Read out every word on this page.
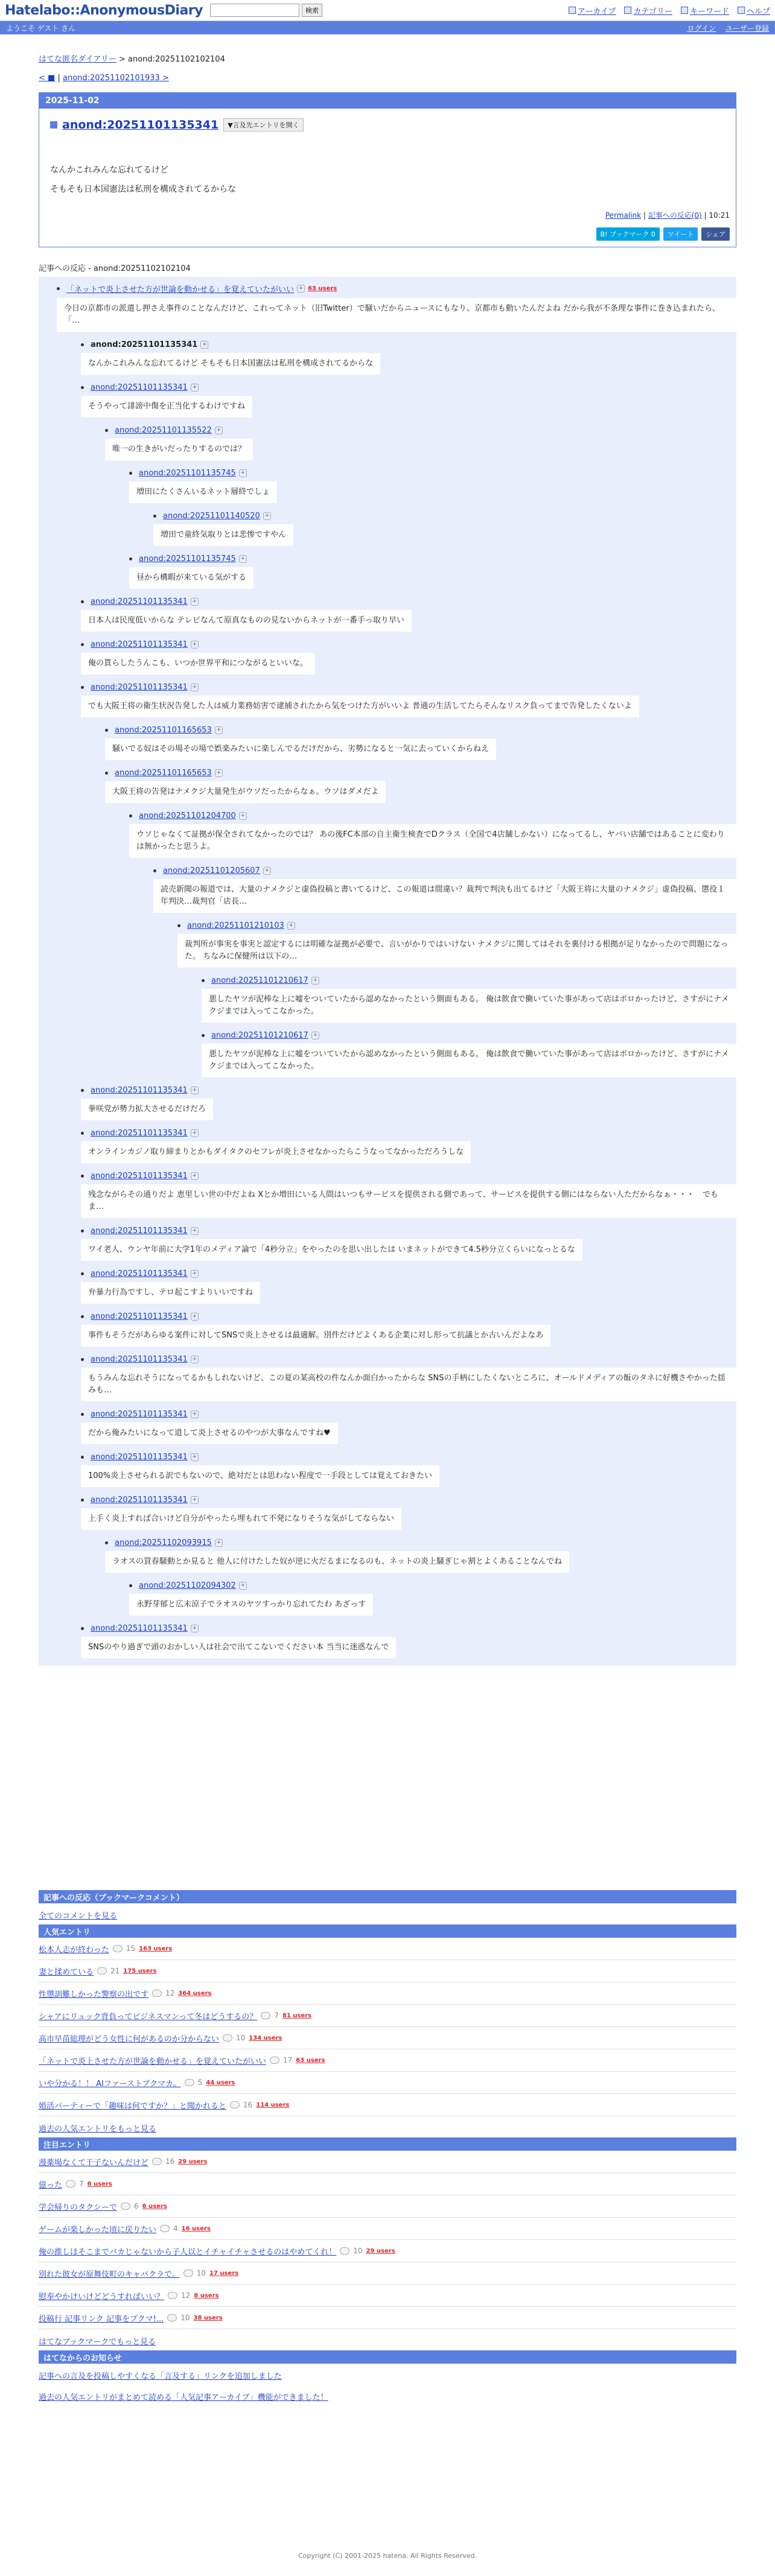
Hatelabo::AnonymousDiary	検索	アーカイブ カテゴリー キーワード ヘルプ
ようこそ ゲスト さん	ログイン ユーザー登録
はてな匿名ダイアリー > anond:20251102102104
< ■ | anond:20251102101933 >
2025-11-02
anond:20251101135341	▼言及先エントリを開く
なんかこれみんな忘れてるけど
そもそも日本国憲法は私刑を構成されてるからな
Permalink | 記事への反応(0) | 10:21
B! ブックマーク 0	ツイート	シェア
記事への反応 - anond:20251102102104
「ネットで炎上させた方が世論を動かせる」を覚えていたがいい + 63 users
今日の京都市の派遣し押さえ事件のことなんだけど、これってネット（旧Twitter）で騒いだからニュースにもなり、京都市も動いたんだよね だから我が不条理な事件に巻き込まれたら、「…
anond:20251101135341 +
なんかこれみんな忘れてるけど そもそも日本国憲法は私刑を構成されてるからな
anond:20251101135341 +
そうやって誹謗中傷を正当化するわけですね
anond:20251101135522 +
唯一の生きがいだったりするのでは？
anond:20251101135745 +
増田にたくさんいるネット層終でしょ
anond:20251101140520 +
増田で童終気取りとは悲惨ですやん
anond:20251101135745 +
昼から構暇が来ている気がする
anond:20251101135341 +
日本人は民度低いからな テレビなんて原真なものの見ないからネットが一番手っ取り早い
anond:20251101135341 +
俺の貰らしたうんこも、いつか世界平和につながるといいな。
anond:20251101135341 +
でも大阪王将の衛生状況告発した人は威力業務妨害で逮捕されたから気をつけた方がいいよ 普通の生活してたらそんなリスク負ってまで告発したくないよ
anond:20251101165653 +
騒いでる奴はその場その場で娯楽みたいに楽しんでるだけだから、劣勢になると一気に去っていくからねえ
anond:20251101165653 +
大阪王将の告発はナメクジ大量発生がウソだったからなぁ。ウソはダメだよ
anond:20251101204700 +
ウソじゃなくて証拠が保全されてなかったのでは？ あの後FC本部の自主衛生検査でDクラス（全国で4店舗しかない）になってるし、ヤバい店舗ではあることに変わりは無かったと思うよ。
anond:20251101205607 +
読売新聞の報道では、大量のナメクジと虚偽投稿と書いてるけど、この報道は間違い？裁判で判決も出てるけど「大阪王将に大量のナメクジ」虚偽投稿、懲役１年判決…裁判官「店長…
anond:20251101210103 +
裁判所が事実を事実と認定するには明確な証拠が必要で、言いがかりではいけない ナメクジに関してはそれを裏付ける根拠が足りなかったので問題になった。 ちなみに保健所は以下の…
anond:20251101210617 +
悪したヤツが泥棒な上に嘘をついていたから認めなかったという側面もある。 俺は飲食で働いていた事があって店はボロかったけど、さすがにナメクジまでは入ってこなかった。
anond:20251101210617 +
悪したヤツが泥棒な上に嘘をついていたから認めなかったという側面もある。 俺は飲食で働いていた事があって店はボロかったけど、さすがにナメクジまでは入ってこなかった。
anond:20251101135341 +
拳咲党が勢力拡大させるだけだろ
anond:20251101135341 +
オンラインカジノ取り締まりとかもダイタクのセフレが炎上させなかったらこうなってなかっただろうしな
anond:20251101135341 +
残念ながらその通りだよ 恵里しい世の中だよね Xとか増田にいる人間はいつもサービスを提供される側であって、サービスを提供する側にはならない人ただからなぁ・・・　でもま…
anond:20251101135341 +
ワイ老人、ウンヤ年前に大学1年のメディア論で「4秒分立」をやったのを思い出したは いまネットができて4.5秒分立くらいになっとるな
anond:20251101135341 +
弁暴力行為ですし、テロ起こすよりいいですね
anond:20251101135341 +
事件もそうだがあらゆる案件に対してSNSで炎上させるは最適解。別件だけどよくある企業に対し形って抗議とか古いんだよなあ
anond:20251101135341 +
もうみんな忘れそうになってるかもしれないけど、この夏の某高校の件なんか面白かったからな SNSの手柄にしたくないところに、オールドメディアの飯のタネに好機さやかった揺みも…
anond:20251101135341 +
だから俺みたいになって道して炎上させるのやつが大事なんですね♥
anond:20251101135341 +
100%炎上させられる訳でもないので、絶対だとは思わない程度で一手段としては覚えておきたい
anond:20251101135341 +
上手く炎上すれば合いけど自分がやったら埋もれて不発になりそうな気がしてならない
anond:20251102093915 +
ラオスの買春騒動とか見ると 他人に付けたした奴が逆に火だるまになるのも、ネットの炎上騒ぎじゃ割とよくあることなんでね
anond:20251102094302 +
永野芽郁と広末涼子でラオスのヤツすっかり忘れてたわ あざっす
anond:20251101135341 +
SNSのやり過ぎで頭のおかしい人は社会で出てこないでください本 当当に迷惑なんで
記事への反応（ブックマークコメント）
全てのコメントを見る
人気エントリ
松本人志が終わった 15 163 users
妻と揉めている 21 175 users
性懲訓難しかった警察の出です 12 364 users
シャアにリュック背負ってビジネスマンって冬はどうするの？ 7 81 users
高市早苗総理がどう女性に何があるのか分からない 10 134 users
「ネットで炎上させた方が世論を動かせる」を覚えていたがいい 17 63 users
いや分かる！！ AIファーストブクマカ。 5 44 users
婚活パーティーで「趣味は何ですか？」と聞かれると 16 114 users
過去の人気エントリをもっと見る
注目エントリ
漫薬場なくて干子ないんだけど 16 29 users
億った 7 6 users
学会帰りのタクシーで 6 6 users
ゲームが楽しかった頃に戻りたい 4 16 users
俺の推しほそこまでバカじゃないから子人以とイチャイチャさせるのはやめてくれ！ 10 29 users
別れた彼女が原舞伎町のキャバクラで。 10 17 users
慰奉やかけいけどどうすればいい？ 12 8 users
投稿行 記事リンク 記事をブクマ!... 10 38 users
はてなブックマークでもっと見る
はてなからのお知らせ
記事への言及を投稿しやすくなる「言及する」リンクを追加しました
過去の人気エントリがまとめて読める「人気記事アーカイブ」機能ができました！
Copyright (C) 2001-2025 hatena. All Rights Reserved.
